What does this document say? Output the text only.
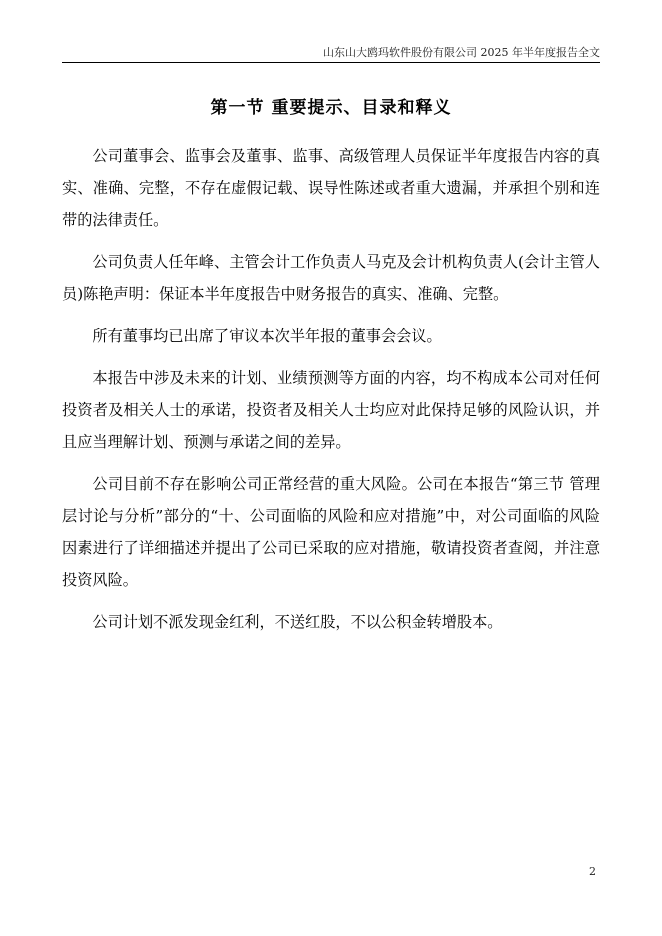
山东山大鸥玛软件股份有限公司 2025 年半年度报告全文
第一节 重要提示、目录和释义

公司董事会、监事会及董事、监事、高级管理人员保证半年度报告内容的真实、准确、完整，不存在虚假记载、误导性陈述或者重大遗漏，并承担个别和连带的法律责任。

公司负责人任年峰、主管会计工作负责人马克及会计机构负责人(会计主管人员)陈艳声明：保证本半年度报告中财务报告的真实、准确、完整。

所有董事均已出席了审议本次半年报的董事会会议。

本报告中涉及未来的计划、业绩预测等方面的内容，均不构成本公司对任何投资者及相关人士的承诺，投资者及相关人士均应对此保持足够的风险认识，并且应当理解计划、预测与承诺之间的差异。

公司目前不存在影响公司正常经营的重大风险。公司在本报告“第三节 管理层讨论与分析”部分的“十、公司面临的风险和应对措施”中，对公司面临的风险因素进行了详细描述并提出了公司已采取的应对措施，敬请投资者查阅，并注意投资风险。

公司计划不派发现金红利，不送红股，不以公积金转增股本。

2
